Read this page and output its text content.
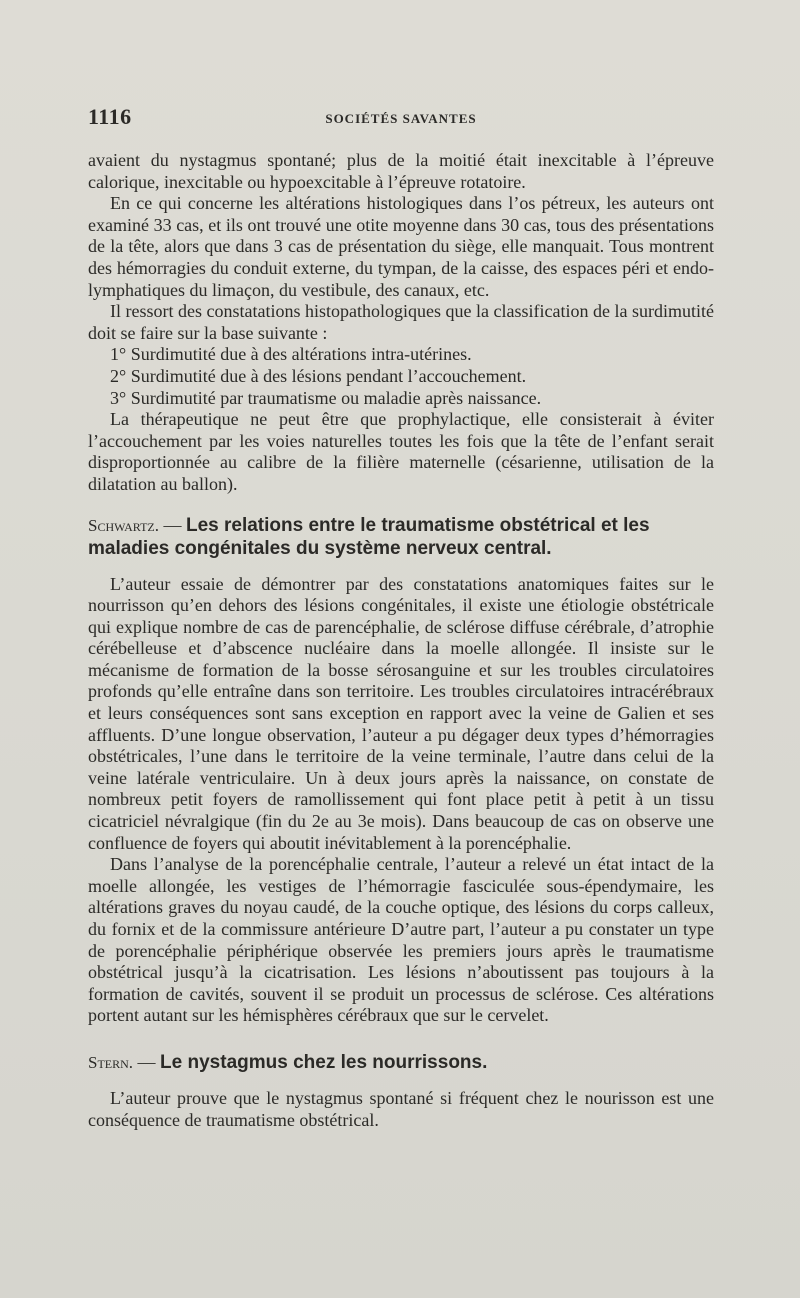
1116	SOCIÉTÉS SAVANTES

avaient du nystagmus spontané; plus de la moitié était inexcitable à l’épreuve calorique, inexcitable ou hypoexcitable à l’épreuve rotatoire.

En ce qui concerne les altérations histologiques dans l’os pétreux, les auteurs ont examiné 33 cas, et ils ont trouvé une otite moyenne dans 30 cas, tous des présentations de la tête, alors que dans 3 cas de présentation du siège, elle manquait. Tous montrent des hémorragies du conduit externe, du tympan, de la caisse, des espaces péri et endo-lymphatiques du limaçon, du vestibule, des canaux, etc.

Il ressort des constatations histopathologiques que la classification de la surdimutité doit se faire sur la base suivante :

1° Surdimutité due à des altérations intra-utérines.

2° Surdimutité due à des lésions pendant l’accouchement.

3° Surdimutité par traumatisme ou maladie après naissance.

La thérapeutique ne peut être que prophylactique, elle consisterait à éviter l’accouchement par les voies naturelles toutes les fois que la tête de l’enfant serait disproportionnée au calibre de la filière maternelle (césarienne, utilisation de la dilatation au ballon).

Schwartz. — Les relations entre le traumatisme obstétrical et les maladies congénitales du système nerveux central.

L’auteur essaie de démontrer par des constatations anatomiques faites sur le nourrisson qu’en dehors des lésions congénitales, il existe une étiologie obstétricale qui explique nombre de cas de parencéphalie, de sclérose diffuse cérébrale, d’atrophie cérébelleuse et d’abscence nucléaire dans la moelle allongée. Il insiste sur le mécanisme de formation de la bosse sérosanguine et sur les troubles circulatoires profonds qu’elle entraîne dans son territoire. Les troubles circulatoires intracérébraux et leurs conséquences sont sans exception en rapport avec la veine de Galien et ses affluents. D’une longue observation, l’auteur a pu dégager deux types d’hémorragies obstétricales, l’une dans le territoire de la veine terminale, l’autre dans celui de la veine latérale ventriculaire. Un à deux jours après la naissance, on constate de nombreux petit foyers de ramollissement qui font place petit à petit à un tissu cicatriciel névralgique (fin du 2e au 3e mois). Dans beaucoup de cas on observe une confluence de foyers qui aboutit inévitablement à la porencéphalie.

Dans l’analyse de la porencéphalie centrale, l’auteur a relevé un état intact de la moelle allongée, les vestiges de l’hémorragie fasciculée sous-épendymaire, les altérations graves du noyau caudé, de la couche optique, des lésions du corps calleux, du fornix et de la commissure antérieure D’autre part, l’auteur a pu constater un type de porencéphalie périphérique observée les premiers jours après le traumatisme obstétrical jusqu’à la cicatrisation. Les lésions n’aboutissent pas toujours à la formation de cavités, souvent il se produit un processus de sclérose. Ces altérations portent autant sur les hémisphères cérébraux que sur le cervelet.

Stern. — Le nystagmus chez les nourrissons.

L’auteur prouve que le nystagmus spontané si fréquent chez le nourisson est une conséquence de traumatisme obstétrical.
